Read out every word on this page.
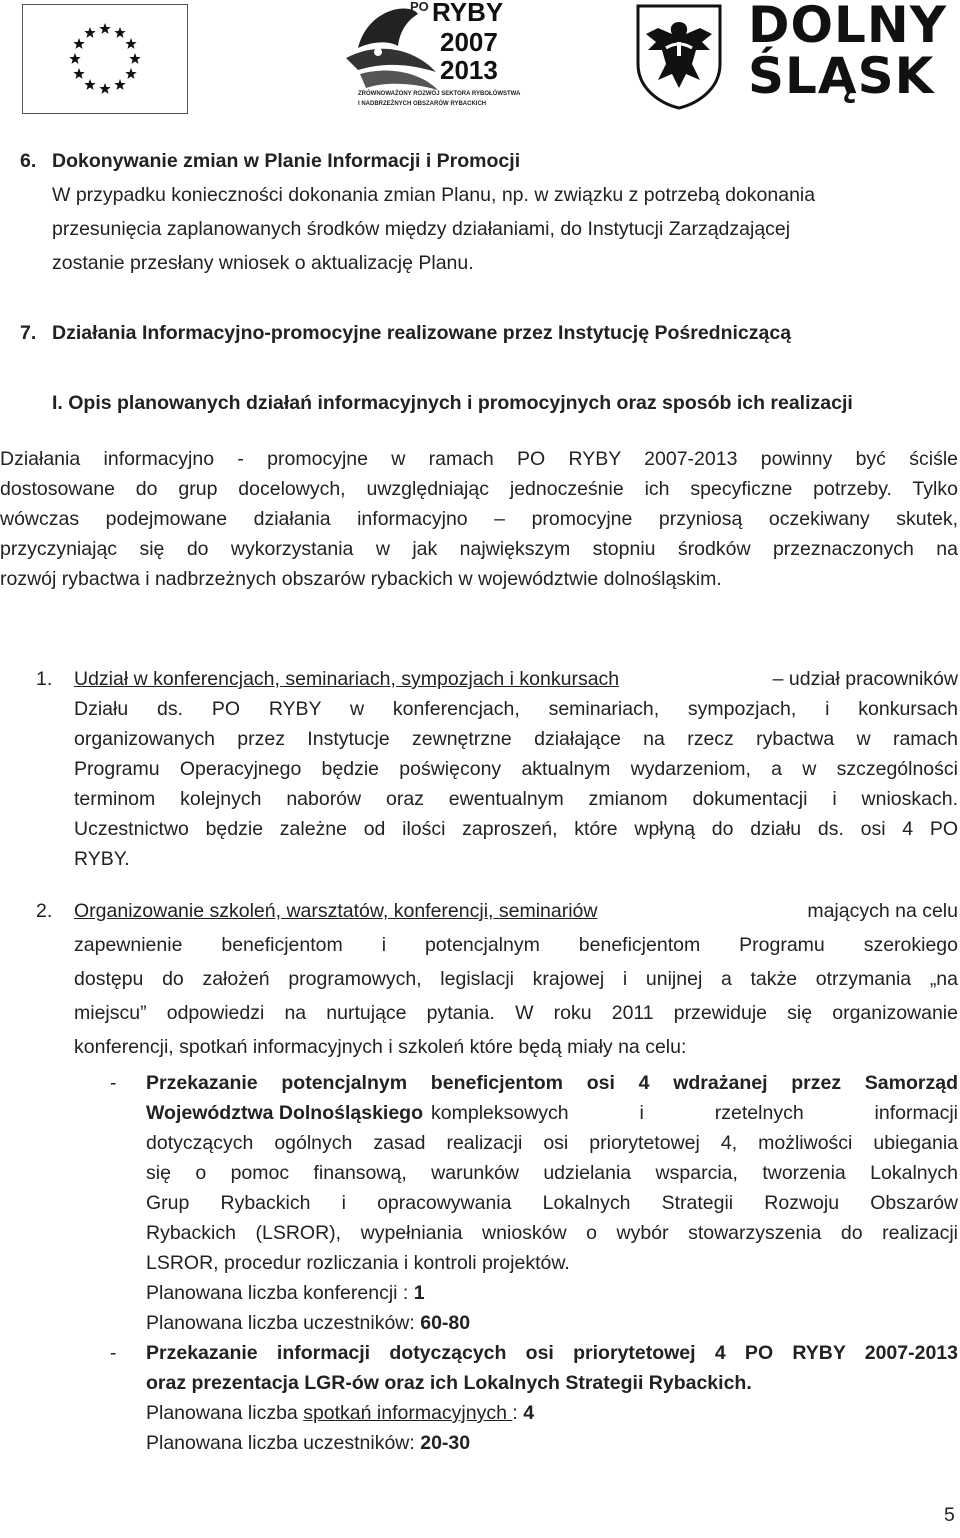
PO RYBY
2007
2013
ZRÓWNOWAŻONY ROZWÓJ SEKTORA RYBOŁÓWSTWA
I NADBRZEŻNYCH OBSZARÓW RYBACKICH
DOLNY
ŚLĄSK
6. Dokonywanie zmian w Planie Informacji i Promocji
W przypadku konieczności dokonania zmian Planu, np. w związku z potrzebą dokonania
przesunięcia zaplanowanych środków między działaniami, do Instytucji Zarządzającej
zostanie przesłany wniosek o aktualizację Planu.
7. Działania Informacyjno-promocyjne realizowane przez Instytucję Pośredniczącą
I. Opis planowanych działań informacyjnych i promocyjnych oraz sposób ich realizacji
Działania informacyjno - promocyjne w ramach PO RYBY 2007-2013 powinny być ściśle
dostosowane do grup docelowych, uwzględniając jednocześnie ich specyficzne potrzeby. Tylko
wówczas podejmowane działania informacyjno – promocyjne przyniosą oczekiwany skutek,
przyczyniając się do wykorzystania w jak największym stopniu środków przeznaczonych na
rozwój rybactwa i nadbrzeżnych obszarów rybackich w województwie dolnośląskim.
1. Udział w konferencjach, seminariach, sympozjach i konkursach	– udział pracowników
Działu ds. PO RYBY w konferencjach, seminariach, sympozjach, i konkursach
organizowanych przez Instytucje zewnętrzne działające na rzecz rybactwa w ramach
Programu Operacyjnego będzie poświęcony aktualnym wydarzeniom, a w szczególności
terminom kolejnych naborów oraz ewentualnym zmianom dokumentacji i wnioskach.
Uczestnictwo będzie zależne od ilości zaproszeń, które wpłyną do działu ds. osi 4 PO
RYBY.
2. Organizowanie szkoleń, warsztatów, konferencji, seminariów	mających na celu
zapewnienie beneficjentom i potencjalnym beneficjentom Programu szerokiego
dostępu do założeń programowych, legislacji krajowej i unijnej a także otrzymania „na
miejscu” odpowiedzi na nurtujące pytania. W roku 2011 przewiduje się organizowanie
konferencji, spotkań informacyjnych i szkoleń które będą miały na celu:
- Przekazanie potencjalnym beneficjentom osi 4 wdrażanej przez Samorząd
Województwa Dolnośląskiego kompleksowych i rzetelnych informacji
dotyczących ogólnych zasad realizacji osi priorytetowej 4, możliwości ubiegania
się o pomoc finansową, warunków udzielania wsparcia, tworzenia Lokalnych
Grup Rybackich i opracowywania Lokalnych Strategii Rozwoju Obszarów
Rybackich (LSROR), wypełniania wniosków o wybór stowarzyszenia do realizacji
LSROR, procedur rozliczania i kontroli projektów.
Planowana liczba konferencji : 1
Planowana liczba uczestników: 60-80
- Przekazanie informacji dotyczących osi priorytetowej 4 PO RYBY 2007-2013
oraz prezentacja LGR-ów oraz ich Lokalnych Strategii Rybackich.
Planowana liczba spotkań informacyjnych : 4
Planowana liczba uczestników: 20-30
5
